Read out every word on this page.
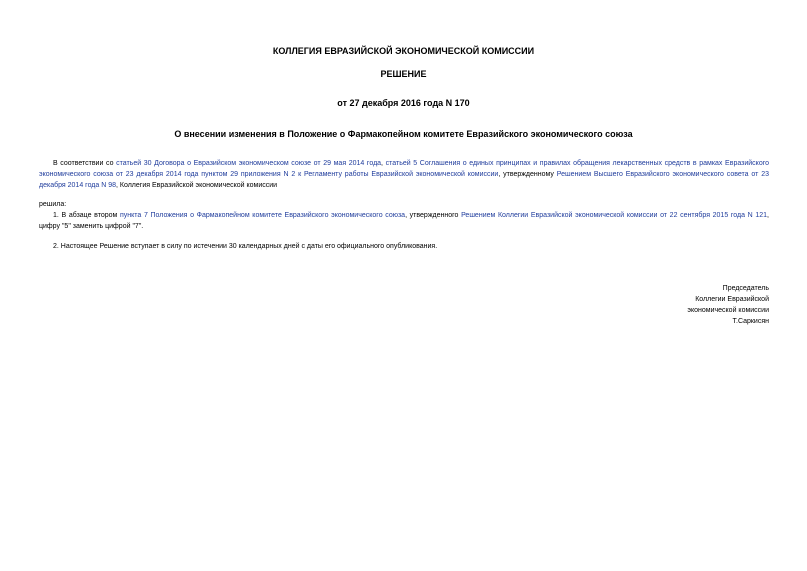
КОЛЛЕГИЯ ЕВРАЗИЙСКОЙ ЭКОНОМИЧЕСКОЙ КОМИССИИ

РЕШЕНИЕ

от 27 декабря 2016 года N 170

О внесении изменения в Положение о Фармакопейном комитете Евразийского экономического союза

В соответствии со статьей 30 Договора о Евразийском экономическом союзе от 29 мая 2014 года, статьей 5 Соглашения о единых принципах и правилах обращения лекарственных средств в рамках Евразийского экономического союза от 23 декабря 2014 года пунктом 29 приложения N 2 к Регламенту работы Евразийской экономической комиссии, утвержденному Решением Высшего Евразийского экономического совета от 23 декабря 2014 года N 98, Коллегия Евразийской экономической комиссии

решила:

1. В абзаце втором пункта 7 Положения о Фармакопейном комитете Евразийского экономического союза, утвержденного Решением Коллегии Евразийской экономической комиссии от 22 сентября 2015 года N 121, цифру "5" заменить цифрой "7".

2. Настоящее Решение вступает в силу по истечении 30 календарных дней с даты его официального опубликования.

Председатель
Коллегии Евразийской
экономической комиссии
Т.Саркисян
